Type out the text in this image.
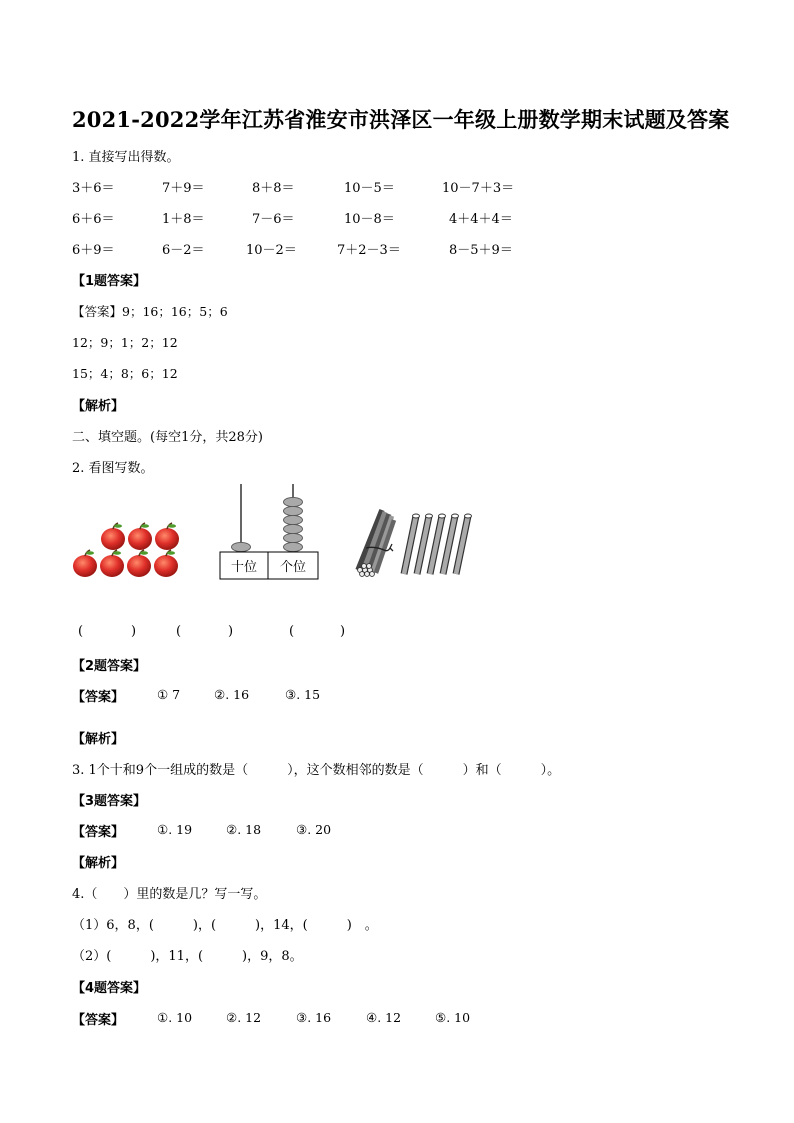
2021-2022学年江苏省淮安市洪泽区一年级上册数学期末试题及答案
1. 直接写出得数。
3＋6＝	7＋9＝	8＋8＝	10－5＝	10－7＋3＝
6＋6＝	1＋8＝	7－6＝	10－8＝	4＋4＋4＝
6＋9＝	6－2＝	10－2＝	7＋2－3＝	8－5＋9＝
【1题答案】
【答案】9；16；16；5；6
12；9；1；2；12
15；4；8；6；12
【解析】
二、填空题。(每空1分，共28分)
2. 看图写数。
十位 个位
(	)	(	)	(	)
【2题答案】
【答案】	① 7	②. 16	③. 15
【解析】
3. 1个十和9个一组成的数是（　　　），这个数相邻的数是（　　　）和（　　　）。
【3题答案】
【答案】	①. 19	②. 18	③. 20
【解析】
4.（　　）里的数是几？写一写。
（1）6，8，(　　　)，(　　　)，14，(　　　)　。
（2）(　　　)，11，(　　　)，9，8。
【4题答案】
【答案】	①. 10	②. 12	③. 16	④. 12	⑤. 10
